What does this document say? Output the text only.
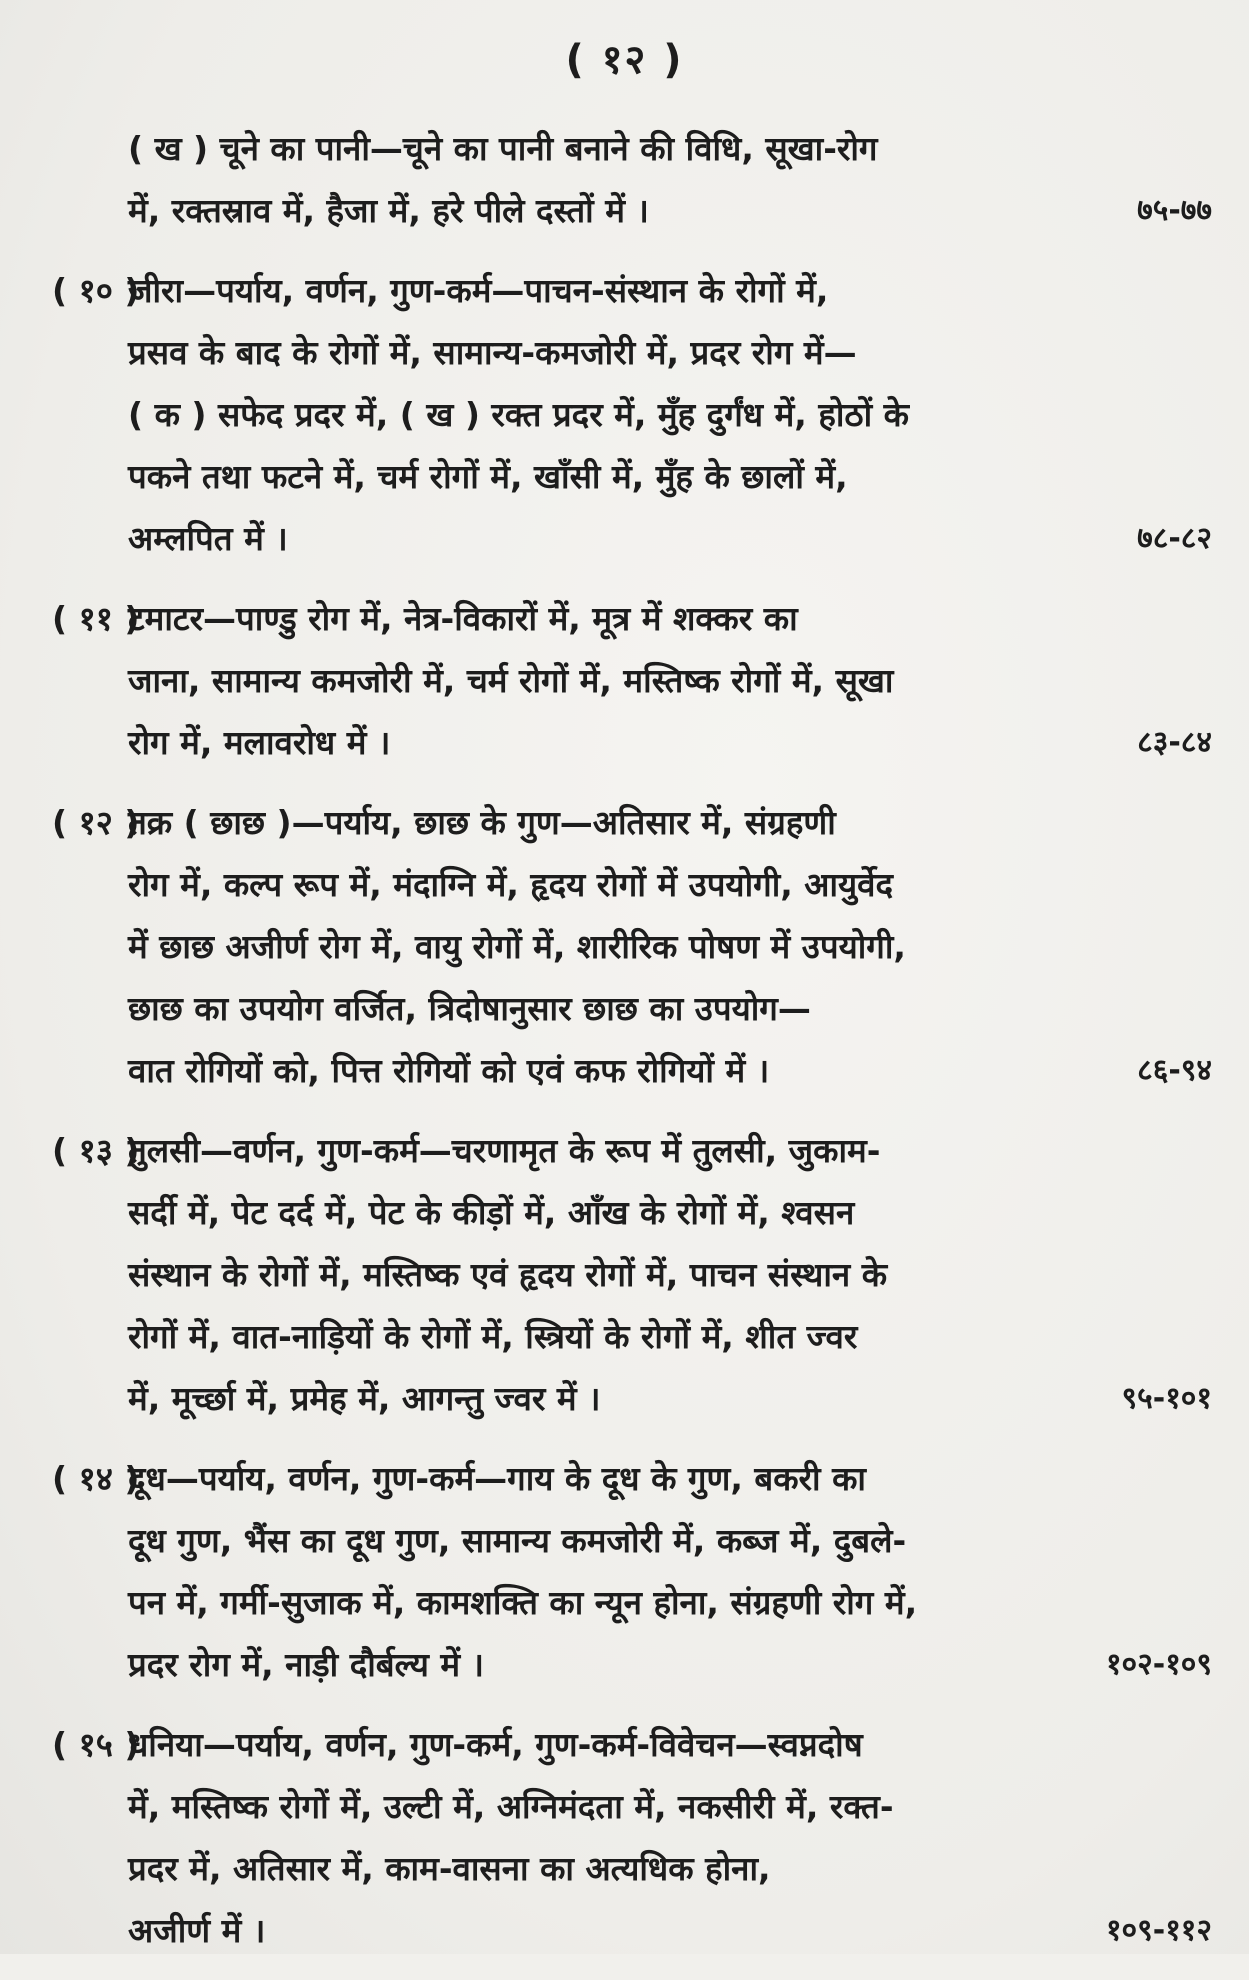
( १२ )
( ख ) चूने का पानी—चूने का पानी बनाने की विधि, सूखा-रोग
में, रक्तस्राव में, हैजा में, हरे पीले दस्तों में ।	७५-७७
( १० )जीरा—पर्याय, वर्णन, गुण-कर्म—पाचन-संस्थान के रोगों में,
प्रसव के बाद के रोगों में, सामान्य-कमजोरी में, प्रदर रोग में—
( क ) सफेद प्रदर में, ( ख ) रक्त प्रदर में, मुँह दुर्गंध में, होठों के
पकने तथा फटने में, चर्म रोगों में, खाँसी में, मुँह के छालों में,
अम्लपित में ।	७८-८२
( ११ )टमाटर—पाण्डु रोग में, नेत्र-विकारों में, मूत्र में शक्कर का
जाना, सामान्य कमजोरी में, चर्म रोगों में, मस्तिष्क रोगों में, सूखा
रोग में, मलावरोध में ।	८३-८४
( १२ )तक्र ( छाछ )—पर्याय, छाछ के गुण—अतिसार में, संग्रहणी
रोग में, कल्प रूप में, मंदाग्नि में, हृदय रोगों में उपयोगी, आयुर्वेद
में छाछ अजीर्ण रोग में, वायु रोगों में, शारीरिक पोषण में उपयोगी,
छाछ का उपयोग वर्जित, त्रिदोषानुसार छाछ का उपयोग—
वात रोगियों को, पित्त रोगियों को एवं कफ रोगियों में ।	८६-९४
( १३ )तुलसी—वर्णन, गुण-कर्म—चरणामृत के रूप में तुलसी, जुकाम-
सर्दी में, पेट दर्द में, पेट के कीड़ों में, आँख के रोगों में, श्वसन
संस्थान के रोगों में, मस्तिष्क एवं हृदय रोगों में, पाचन संस्थान के
रोगों में, वात-नाड़ियों के रोगों में, स्त्रियों के रोगों में, शीत ज्वर
में, मूर्च्छा में, प्रमेह में, आगन्तु ज्वर में ।	९५-१०१
( १४ )दूध—पर्याय, वर्णन, गुण-कर्म—गाय के दूध के गुण, बकरी का
दूध गुण, भैंस का दूध गुण, सामान्य कमजोरी में, कब्ज में, दुबले-
पन में, गर्मी-सुजाक में, कामशक्ति का न्यून होना, संग्रहणी रोग में,
प्रदर रोग में, नाड़ी दौर्बल्य में ।	१०२-१०९
( १५ )धनिया—पर्याय, वर्णन, गुण-कर्म, गुण-कर्म-विवेचन—स्वप्नदोष
में, मस्तिष्क रोगों में, उल्टी में, अग्निमंदता में, नकसीरी में, रक्त-
प्रदर में, अतिसार में, काम-वासना का अत्यधिक होना,
अजीर्ण में ।	१०९-११२
